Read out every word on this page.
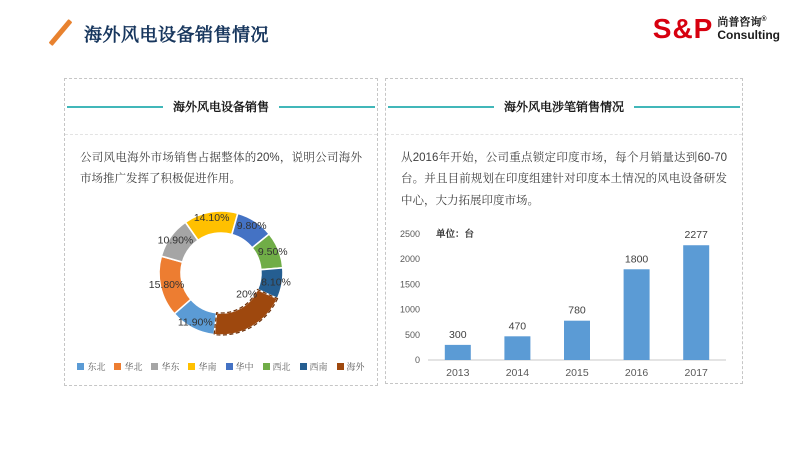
海外风电设备销售情况	S&P 尚普咨询®
Consulting
海外风电设备销售
公司风电海外市场销售占据整体的20%，说明公司海外市场推广发挥了积极促进作用。
11.90%
15.80%
10.90%
14.10%
9.80%
9.50%
8.10%
20%
东北 华北 华东 华南 华中 西北 西南 海外
海外风电涉笔销售情况
从2016年开始，公司重点锁定印度市场，每个月销量达到60-70台。并且目前规划在印度组建针对印度本土情况的风电设备研发中心，大力拓展印度市场。
0
500
1000
1500
2000
2500 单位：台
300
2013
470
2014
780
2015
1800
2016
2277
2017
